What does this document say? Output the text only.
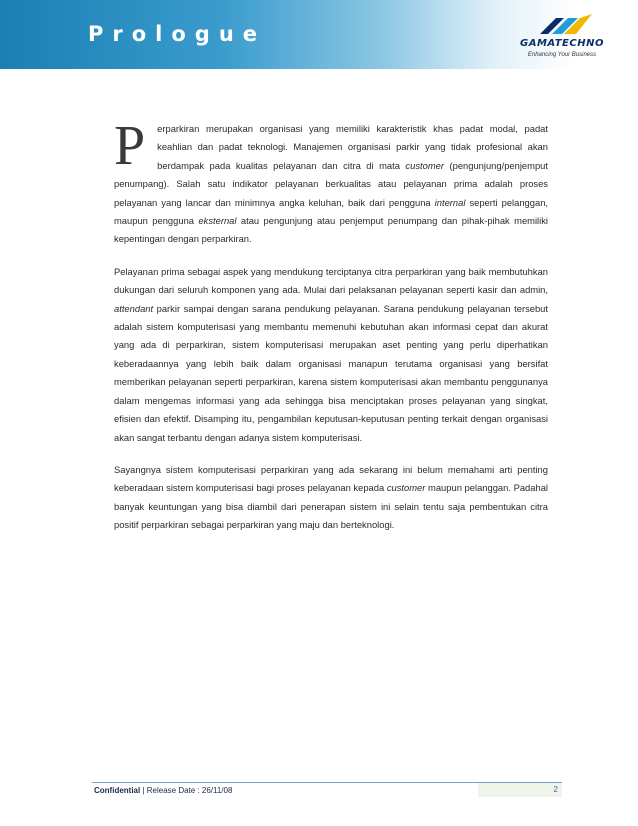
Prologue	GAMATECHNO
Enhancing Your Business

P erparkiran merupakan organisasi yang memiliki karakteristik khas padat modal, padat keahlian dan padat teknologi. Manajemen organisasi parkir yang tidak profesional akan berdampak pada kualitas pelayanan dan citra di mata customer (pengunjung/penjemput penumpang). Salah satu indikator pelayanan berkualitas atau pelayanan prima adalah proses pelayanan yang lancar dan minimnya angka keluhan, baik dari pengguna internal seperti pelanggan, maupun pengguna eksternal atau pengunjung atau penjemput penumpang dan pihak-pihak memiliki kepentingan dengan perparkiran.

Pelayanan prima sebagai aspek yang mendukung terciptanya citra perparkiran yang baik membutuhkan dukungan dari seluruh komponen yang ada. Mulai dari pelaksanan pelayanan seperti kasir dan admin, attendant parkir sampai dengan sarana pendukung pelayanan. Sarana pendukung pelayanan tersebut adalah sistem komputerisasi yang membantu memenuhi kebutuhan akan informasi cepat dan akurat yang ada di perparkiran, sistem komputerisasi merupakan aset penting yang perlu diperhatikan keberadaannya yang lebih baik dalam organisasi manapun terutama organisasi yang bersifat memberikan pelayanan seperti perparkiran, karena sistem komputerisasi akan membantu penggunanya dalam mengemas informasi yang ada sehingga bisa menciptakan proses pelayanan yang singkat, efisien dan efektif. Disamping itu, pengambilan keputusan-keputusan penting terkait dengan organisasi akan sangat terbantu dengan adanya sistem komputerisasi.

Sayangnya sistem komputerisasi perparkiran yang ada sekarang ini belum memahami arti penting keberadaan sistem komputerisasi bagi proses pelayanan kepada customer maupun pelanggan. Padahal banyak keuntungan yang bisa diambil dari penerapan sistem ini selain tentu saja pembentukan citra positif perparkiran sebagai perparkiran yang maju dan berteknologi.

Confidential | Release Date : 26/11/08	2
